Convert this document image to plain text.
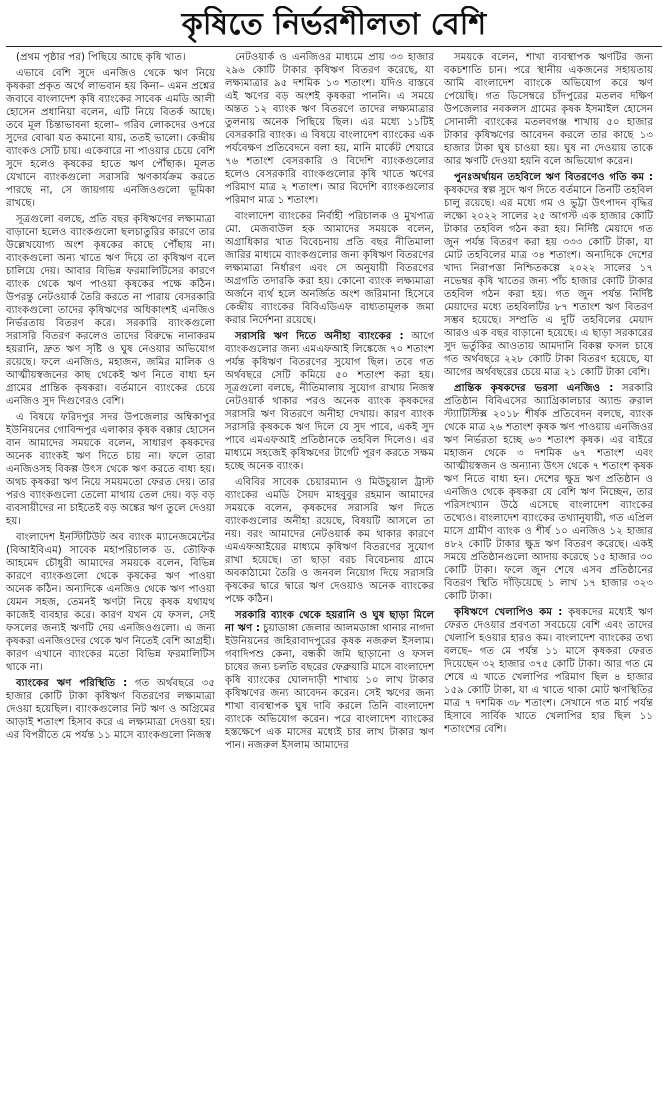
কৃষিতে নির্ভরশীলতা বেশি

(প্রথম পৃষ্ঠার পর) পিছিয়ে আছে কৃষি খাত।

এভাবে বেশি সুদে এনজিও থেকে ঋণ নিয়ে কৃষকরা প্রকৃত অর্থে লাভবান হয় কিনা– এমন প্রশ্নের জবাবে বাংলাদেশ কৃষি ব্যাংকের সাবেক এমডি আলী হোসেন প্রধানিয়া বলেন, এটি নিয়ে বিতর্ক আছে। তবে মূল চিন্তাভাবনা হলো– গরিব লোকদের ওপরে সুদের বোঝা যত কমানো যায়, ততই ভালো। কেন্দ্রীয় ব্যাংকও সেটি চায়। একেবারে না পাওয়ার চেয়ে বেশি সুদে হলেও কৃষকের হাতে ঋণ পৌঁছাক। মূলত যেখানে ব্যাংকগুলো সরাসরি ঋণকার্যক্রম করতে পারছে না, সে জায়গায় এনজিওগুলো ভূমিকা রাখছে।

সূত্রগুলো বলছে, প্রতি বছর কৃষিঋণের লক্ষ্যমাত্রা বাড়ানো হলেও ব্যাংকগুলো ছলচাতুরির কারণে তার উল্লেখযোগ্য অংশ কৃষকের কাছে পৌঁছায় না। ব্যাংকগুলো অন্য খাতে ঋণ দিয়ে তা কৃষিঋণ বলে চালিয়ে দেয়। আবার বিভিন্ন ফরমালিটিসের কারণে ব্যাংক থেকে ঋণ পাওয়া কৃষকের পক্ষে কঠিন। উপরন্তু নেটওয়ার্ক তৈরি করতে না পারায় বেসরকারি ব্যাংকগুলো তাদের কৃষিঋণের অধিকাংশই এনজিও নির্ভরতায় বিতরণ করে। সরকারি ব্যাংকগুলো সরাসরি বিতরণ করলেও তাদের বিরুদ্ধে নানাকরম হয়রানি, দ্রুত ঋণ সৃষ্টি ও ঘুষ নেওয়ার অভিযোগ রয়েছে। ফলে এনজিও, মহাজন, জমির মালিক ও আত্মীয়স্বজনের কাছ থেকেই ঋণ নিতে বাধ্য হন গ্রামের প্রান্তিক কৃষকরা। বর্তমানে ব্যাংকের চেয়ে এনজিও সুদ দিগুণেরও বেশি।

এ বিষয়ে ফরিদপুর সদর উপজেলার অম্বিকাপুর ইউনিয়নের গোবিন্দপুর এলাকার কৃষক বক্কার হোসেন বান আমাদের সময়কে বলেন, সাধারণ কৃষকদের অনেক ব্যাংকই ঋণ দিতে চায় না। ফলে তারা এনজিওসহ বিকল্প উৎস থেকে ঋণ করতে বাধ্য হয়। অথচ কৃষকরা ঋণ নিয়ে সময়মতো ফেরত দেয়। তার পরও ব্যাংকগুলো তেলো মাথায় তেল দেয়। বড় বড় ব্যবসায়ীদের না চাইতেই বড় অঙ্কের ঋণ তুলে দেওয়া হয়।

বাংলাদেশ ইনস্টিটিউট অব ব্যাংক ম্যানেজমেন্টের (বিআইবিএম) সাবেক মহাপরিচালক ড. তৌফিক আহমেদ চৌধুরী আমাদের সময়কে বলেন, বিভিন্ন কারণে ব্যাংকগুলো থেকে কৃষকের ঋণ পাওয়া অনেক কঠিন। অন্যদিকে এনজিও থেকে ঋণ পাওয়া যেমন সহজ, তেমনই ঋণটা নিয়ে কৃষক যথাযথ কাজেই ব্যবহার করে। কারণ যখন যে ফসল, সেই ফসলের জন্যই ঋণটি দেয় এনজিওগুলো। এ জন্য কৃষকরা এনজিওদের থেকে ঋণ নিতেই বেশি আগ্রহী। কারণ এখানে ব্যাংকের মতো বিভিন্ন ফরমালিটিস থাকে না।

ব্যাংকের ঋণ পরিস্থিতি : গত অর্থবছরে ৩৫ হাজার কোটি টাকা কৃষিঋণ বিতরণের লক্ষ্যমাত্রা দেওয়া হয়েছিল। ব্যাংকগুলোর নিট ঋণ ও অগ্রিমের আড়াই শতাংশ হিসাব করে এ লক্ষ্যমাত্রা দেওয়া হয়। এর বিপরীতে মে পর্যন্ত ১১ মাসে ব্যাংকগুলো নিজস্ব

নেটওয়ার্ক ও এনজিওর মাধ্যমে প্রায় ৩৩ হাজার ২৯৬ কোটি টাকার কৃষিঋণ বিতরণ করেছে, যা লক্ষ্যমাত্রার ৯৫ দশমিক ১৩ শতাংশ। যদিও বাস্তবে এই ঋণের বড় অংশই কৃষকরা পাননি। এ সময়ে অন্তত ১২ ব্যাংক ঋণ বিতরণে তাদের লক্ষ্যমাত্রার তুলনায় অনেক পিছিয়ে ছিল। এর মধ্যে ১১টিই বেসরকারি ব্যাংক। এ বিষয়ে বাংলাদেশ ব্যাংকের এক পর্যবেক্ষণ প্রতিবেদনে বলা হয়, মানি মার্কেট শেয়ারে ৭৬ শতাংশ বেসরকারি ও বিদেশি ব্যাংকগুলোর হলেও বেসরকারি ব্যাংকগুলোর কৃষি খাতে ঋণের পরিমাণ মাত্র ২ শতাংশ। আর বিদেশি ব্যাংকগুলোর পরিমাণ মাত্র ১ শতাংশ।

বাংলাদেশ ব্যাংকের নির্বাহী পরিচালক ও মুখপাত্র মো. মেজবাউল হক আমাদের সময়কে বলেন, অগ্রাধিকার খাত বিবেচনায় প্রতি বছর নীতিমালা জারির মাধ্যমে ব্যাংকগুলোর জন্য কৃষিঋণ বিতরণের লক্ষ্যমাত্রা নির্ধারণ এবং সে অনুযায়ী বিতরণের অগ্রগতি তদারকি করা হয়। কোনো ব্যাংক লক্ষ্যমাত্রা অর্জনে ব্যর্থ হলে অনর্জিত অংশ জরিমানা হিসেবে কেন্দ্রীয় ব্যাংকের বিবিএডিএফ বাধ্যতামূলক জমা করার নির্দেশনা রয়েছে।

সরাসরি ঋণ দিতে অনীহা ব্যাংকের : আগে ব্যাংকগুলোর জন্য এমএফআই লিঙ্কেজে ৭০ শতাংশ পর্যন্ত কৃষিঋণ বিতরণের সুযোগ ছিল। তবে গত অর্থবছরে সেটি কমিয়ে ৫০ শতাংশ করা হয়। সূত্রগুলো বলছে, নীতিমালায় সুযোগ রাখায় নিজস্ব নেটওয়ার্ক থাকার পরও অনেক ব্যাংক কৃষকদের সরাসরি ঋণ বিতরণে অনীহা দেখায়। কারণ ব্যাংক সরাসরি কৃষককে ঋণ দিলে যে সুদ পাবে, একই সুদ পাবে এমএফআই প্রতিষ্ঠানকে তহবিল দিলেও। এর মাধ্যমে সহজেই কৃষিঋণের টার্গেট পূরণ করতে সক্ষম হচ্ছে অনেক ব্যাংক।

এবিবির সাবেক চেয়ারম্যান ও মিউচুয়াল ট্রাস্ট ব্যাংকের এমডি সৈয়দ মাহবুবুর রহমান আমাদের সময়কে বলেন, কৃষকদের সরাসরি ঋণ দিতে ব্যাংকগুলোর অনীহা রয়েছে, বিষয়টি আসলে তা নয়। বরং আমাদের নেটওয়ার্ক কম থাকার কারণে এমএফআইয়ের মাধ্যমে কৃষিঋণ বিতরণের সুযোগ রাখা হয়েছে। তা ছাড়া বরচ বিবেচনায় গ্রামে অবকাঠামো তৈরি ও জনবল নিয়োগ দিয়ে সরাসরি কৃষকের দ্বারে দ্বারে ঋণ দেওয়াও অনেক ব্যাংকের পক্ষে কঠিন।

সরকারি ব্যাংক থেকে হয়রানি ও ঘুষ ছাড়া মিলে না ঋণ : চুয়াডাঙ্গা জেলার আলমডাঙ্গা থানার নাগদা ইউনিয়নের জহিরাবাদপুরের কৃষক নজরুল ইসলাম। গবাদিপশু কেনা, বন্ধকী জমি ছাড়ানো ও ফসল চাষের জন্য চলতি বছরের ফেব্রুয়ারি মাসে বাংলাদেশ কৃষি ব্যাংকের ঘোলদাড়ী শাখায় ১০ লাখ টাকার কৃষিঋণের জন্য আবেদন করেন। সেই ঋণের জন্য শাখা ব্যবস্থাপক ঘুষ দাবি করলে তিনি বাংলাদেশ ব্যাংকে অভিযোগ করেন। পরে বাংলাদেশ ব্যাংকের হস্তক্ষেপে এক মাসের মধ্যেই চার লাখ টাকার ঋণ পান। নজরুল ইসলাম আমাদের

সময়কে বলেন, শাখা ব্যবস্থাপক ঋণটির জন্য বকচশাতি চান। পরে স্থানীয় একজনের সহায়তায় আমি বাংলাদেশ ব্যাংকে অভিযোগ করে ঋণ পেয়েছি। গত ডিসেম্বরে চাঁদপুরের মতলব দক্ষিণ উপজেলার নবকলস গ্রামের কৃষক ইসমাইল হোসেন সোনালী ব্যাংকের মতলবগঞ্জ শাখায় ৫০ হাজার টাকার কৃষিঋণের আবেদন করলে তার কাছে ১৩ হাজার টাকা ঘুষ চাওয়া হয়। ঘুষ না দেওয়ায় তাকে আর ঋণটি দেওয়া হয়নি বলে অভিযোগ করেন।

পুনঃঅর্থায়ন তহবিলে ঋণ বিতরণেও গতি কম : কৃষকদের স্বল্প সুদে ঋণ দিতে বর্তমানে তিনটি তহবিল চালু রয়েছে। এর মধ্যে গম ও ভুট্টা উৎপাদন বৃদ্ধির লক্ষ্যে ২০২২ সালের ২৫ আগস্ট এক হাজার কোটি টাকার তহবিল গঠন করা হয়। নির্দিষ্ট মেয়াদে গত জুন পর্যন্ত বিতরণ করা হয় ৩৩৩ কোটি টাকা, যা মোট তহবিলের মাত্র ৩৪ শতাংশ। অন্যদিকে দেশের খাদ্য নিরাপত্তা নিশ্চিতকল্পে ২০২২ সালের ১৭ নভেম্বর কৃষি খাতের জন্য পাঁচ হাজার কোটি টাকার তহবিল গঠন করা হয়। গত জুন পর্যন্ত নির্দিষ্ট মেয়াদের মধ্যে তহবিলটির ৮৭ শতাংশ ঋণ বিতরণ সম্ভব হয়েছে। সম্প্রতি এ দুটি তহবিলের মেয়াদ আরও এক বছর বাড়ানো হয়েছে। এ ছাড়া সরকারের সুদ ভর্তুকির আওতায় আমদানি বিকল্প ফসল চাষে গত অর্থবছরে ২২৮ কোটি টাকা বিতরণ হয়েছে, যা আগের অর্থবছরের চেয়ে মাত্র ২১ কোটি টাকা বেশি।

প্রান্তিক কৃষকদের ভরসা এনজিও : সরকারি প্রতিষ্ঠান বিবিএসের অ্যাগ্রিকালচার অ্যান্ড রুরাল স্ট্যাটিস্টিক্স ২০১৮ শীর্ষক প্রতিবেদন বলছে, ব্যাংক থেকে মাত্র ২৬ শতাংশ কৃষক ঋণ পাওয়ায় এনজিওর ঋণ নির্ভরতা হচ্ছে ৬৩ শতাংশ কৃষক। এর বাইরে মহাজন থেকে ৩ দশমিক ৬৭ শতাংশ এবং আত্মীয়স্বজন ও অন্যান্য উৎস থেকে ৭ শতাংশ কৃষক ঋণ নিতে বাধ্য হন। দেশের ক্ষুদ্র ঋণ প্রতিষ্ঠান ও এনজিও থেকে কৃষকরা যে বেশি ঋণ নিচ্ছেন, তার পরিসংখ্যান উঠে এসেছে বাংলাদেশ ব্যাংকের তথ্যেও। বাংলাদেশ ব্যাংকের তথ্যানুযায়ী, গত এপ্রিল মাসে গ্রামীণ ব্যাংক ও শীর্ষ ১০ এনজিও ১২ হাজার ৪৮২ কোটি টাকার ক্ষুদ্র ঋণ বিতরণ করেছে। একই সময়ে প্রতিষ্ঠানগুলো আদায় করেছে ১৫ হাজার ৩০ কোটি টাকা। ফলে জুন শেষে এসব প্রতিষ্ঠানের বিতরণ স্থিতি দাঁড়িয়েছে ১ লাখ ১৭ হাজার ৩২৩ কোটি টাকা।

কৃষিঋণে খেলাপিও কম : কৃষকদের মধ্যেই ঋণ ফেরত দেওয়ার প্রবণতা সবচেয়ে বেশি এবং তাদের খেলাপি হওয়ার হারও কম। বাংলাদেশ ব্যাংকের তথ্য বলছে– গত মে পর্যন্ত ১১ মাসে কৃষকরা ফেরত দিয়েছেন ৩২ হাজার ৩৭৫ কোটি টাকা। আর গত মে শেষে এ খাতে খেলাপির পরিমাণ ছিল ৪ হাজার ১৫৯ কোটি টাকা, যা এ খাতে থাকা মোট ঋণস্থিতির মাত্র ৭ দশমিক ৩৮ শতাংশ। সেখানে গত মার্চ পর্যন্ত হিসাবে সার্বিক খাতে খেলাপির হার ছিল ১১ শতাংশের বেশি।
